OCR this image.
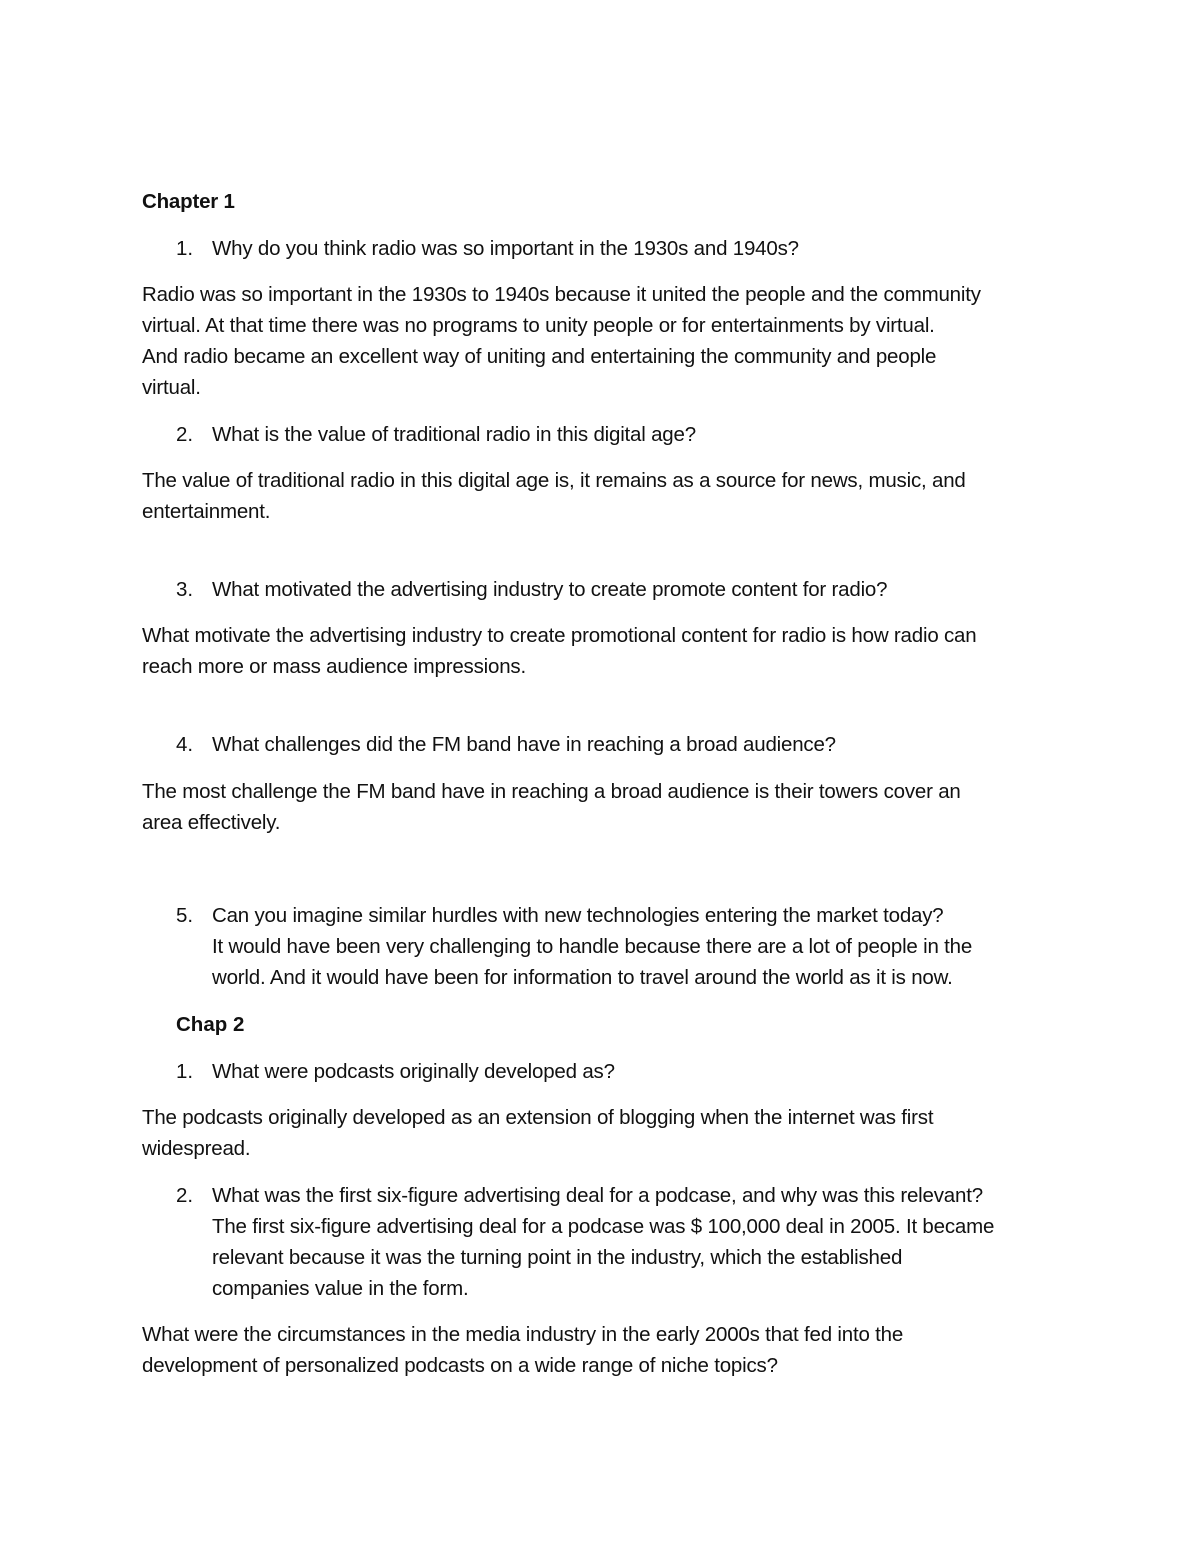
Chapter 1
1. Why do you think radio was so important in the 1930s and 1940s?
Radio was so important in the 1930s to 1940s because it united the people and the community
virtual. At that time there was no programs to unity people or for entertainments by virtual.
And radio became an excellent way of uniting and entertaining the community and people
virtual.
2. What is the value of traditional radio in this digital age?
The value of traditional radio in this digital age is, it remains as a source for news, music, and
entertainment.
3. What motivated the advertising industry to create promote content for radio?
What motivate the advertising industry to create promotional content for radio is how radio can
reach more or mass audience impressions.
4. What challenges did the FM band have in reaching a broad audience?
The most challenge the FM band have in reaching a broad audience is their towers cover an
area effectively.
5. Can you imagine similar hurdles with new technologies entering the market today?
It would have been very challenging to handle because there are a lot of people in the
world. And it would have been for information to travel around the world as it is now.
Chap 2
1. What were podcasts originally developed as?
The podcasts originally developed as an extension of blogging when the internet was first
widespread.
2. What was the first six-figure advertising deal for a podcase, and why was this relevant?
The first six-figure advertising deal for a podcase was $ 100,000 deal in 2005. It became
relevant because it was the turning point in the industry, which the established
companies value in the form.
What were the circumstances in the media industry in the early 2000s that fed into the
development of personalized podcasts on a wide range of niche topics?
